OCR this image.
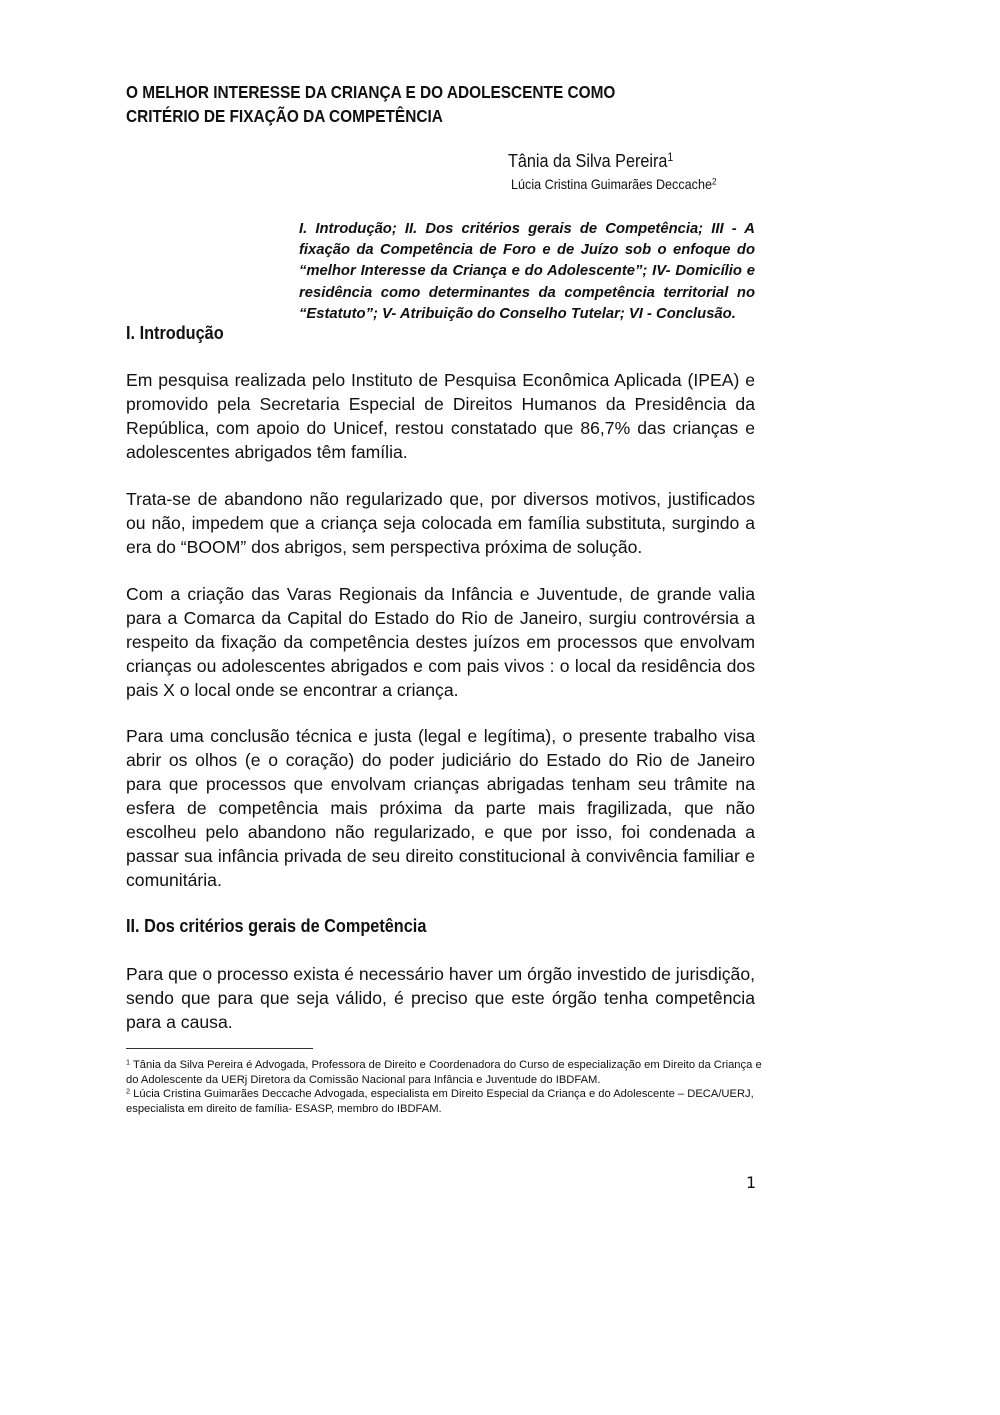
O MELHOR INTERESSE DA CRIANÇA E DO ADOLESCENTE COMO CRITÉRIO DE FIXAÇÃO DA COMPETÊNCIA
Tânia da Silva Pereira$^1$
Lúcia Cristina Guimarães Deccache$^2$
I. Introdução; II. Dos critérios gerais de Competência; III - A fixação da Competência de Foro e de Juízo sob o enfoque do “melhor Interesse da Criança e do Adolescente”; IV- Domicílio e residência como determinantes da competência territorial no “Estatuto”; V- Atribuição do Conselho Tutelar; VI - Conclusão.
I. Introdução

Em pesquisa realizada pelo Instituto de Pesquisa Econômica Aplicada (IPEA) e promovido pela Secretaria Especial de Direitos Humanos da Presidência da República, com apoio do Unicef, restou constatado que 86,7% das crianças e adolescentes abrigados têm família.

Trata-se de abandono não regularizado que, por diversos motivos, justificados ou não, impedem que a criança seja colocada em família substituta, surgindo a era do “BOOM” dos abrigos, sem perspectiva próxima de solução.

Com a criação das Varas Regionais da Infância e Juventude, de grande valia para a Comarca da Capital do Estado do Rio de Janeiro, surgiu controvérsia a respeito da fixação da competência destes juízos em processos que envolvam crianças ou adolescentes abrigados e com pais vivos : o local da residência dos pais X o local onde se encontrar a criança.

Para uma conclusão técnica e justa (legal e legítima), o presente trabalho visa abrir os olhos (e o coração) do poder judiciário do Estado do Rio de Janeiro para que processos que envolvam crianças abrigadas tenham seu trâmite na esfera de competência mais próxima da parte mais fragilizada, que não escolheu pelo abandono não regularizado, e que por isso, foi condenada a passar sua infância privada de seu direito constitucional à convivência familiar e comunitária.

II. Dos critérios gerais de Competência

Para que o processo exista é necessário haver um órgão investido de jurisdição, sendo que para que seja válido, é preciso que este órgão tenha competência para a causa.

$^1$ Tânia da Silva Pereira é Advogada, Professora de Direito e Coordenadora do Curso de especialização em Direito da Criança e do Adolescente da UERj Diretora da Comissão Nacional para Infância e Juventude do IBDFAM.
$^2$ Lúcia Cristina Guimarães Deccache Advogada, especialista em Direito Especial da Criança e do Adolescente – DECA/UERJ, especialista em direito de família- ESASP, membro do IBDFAM.
1
